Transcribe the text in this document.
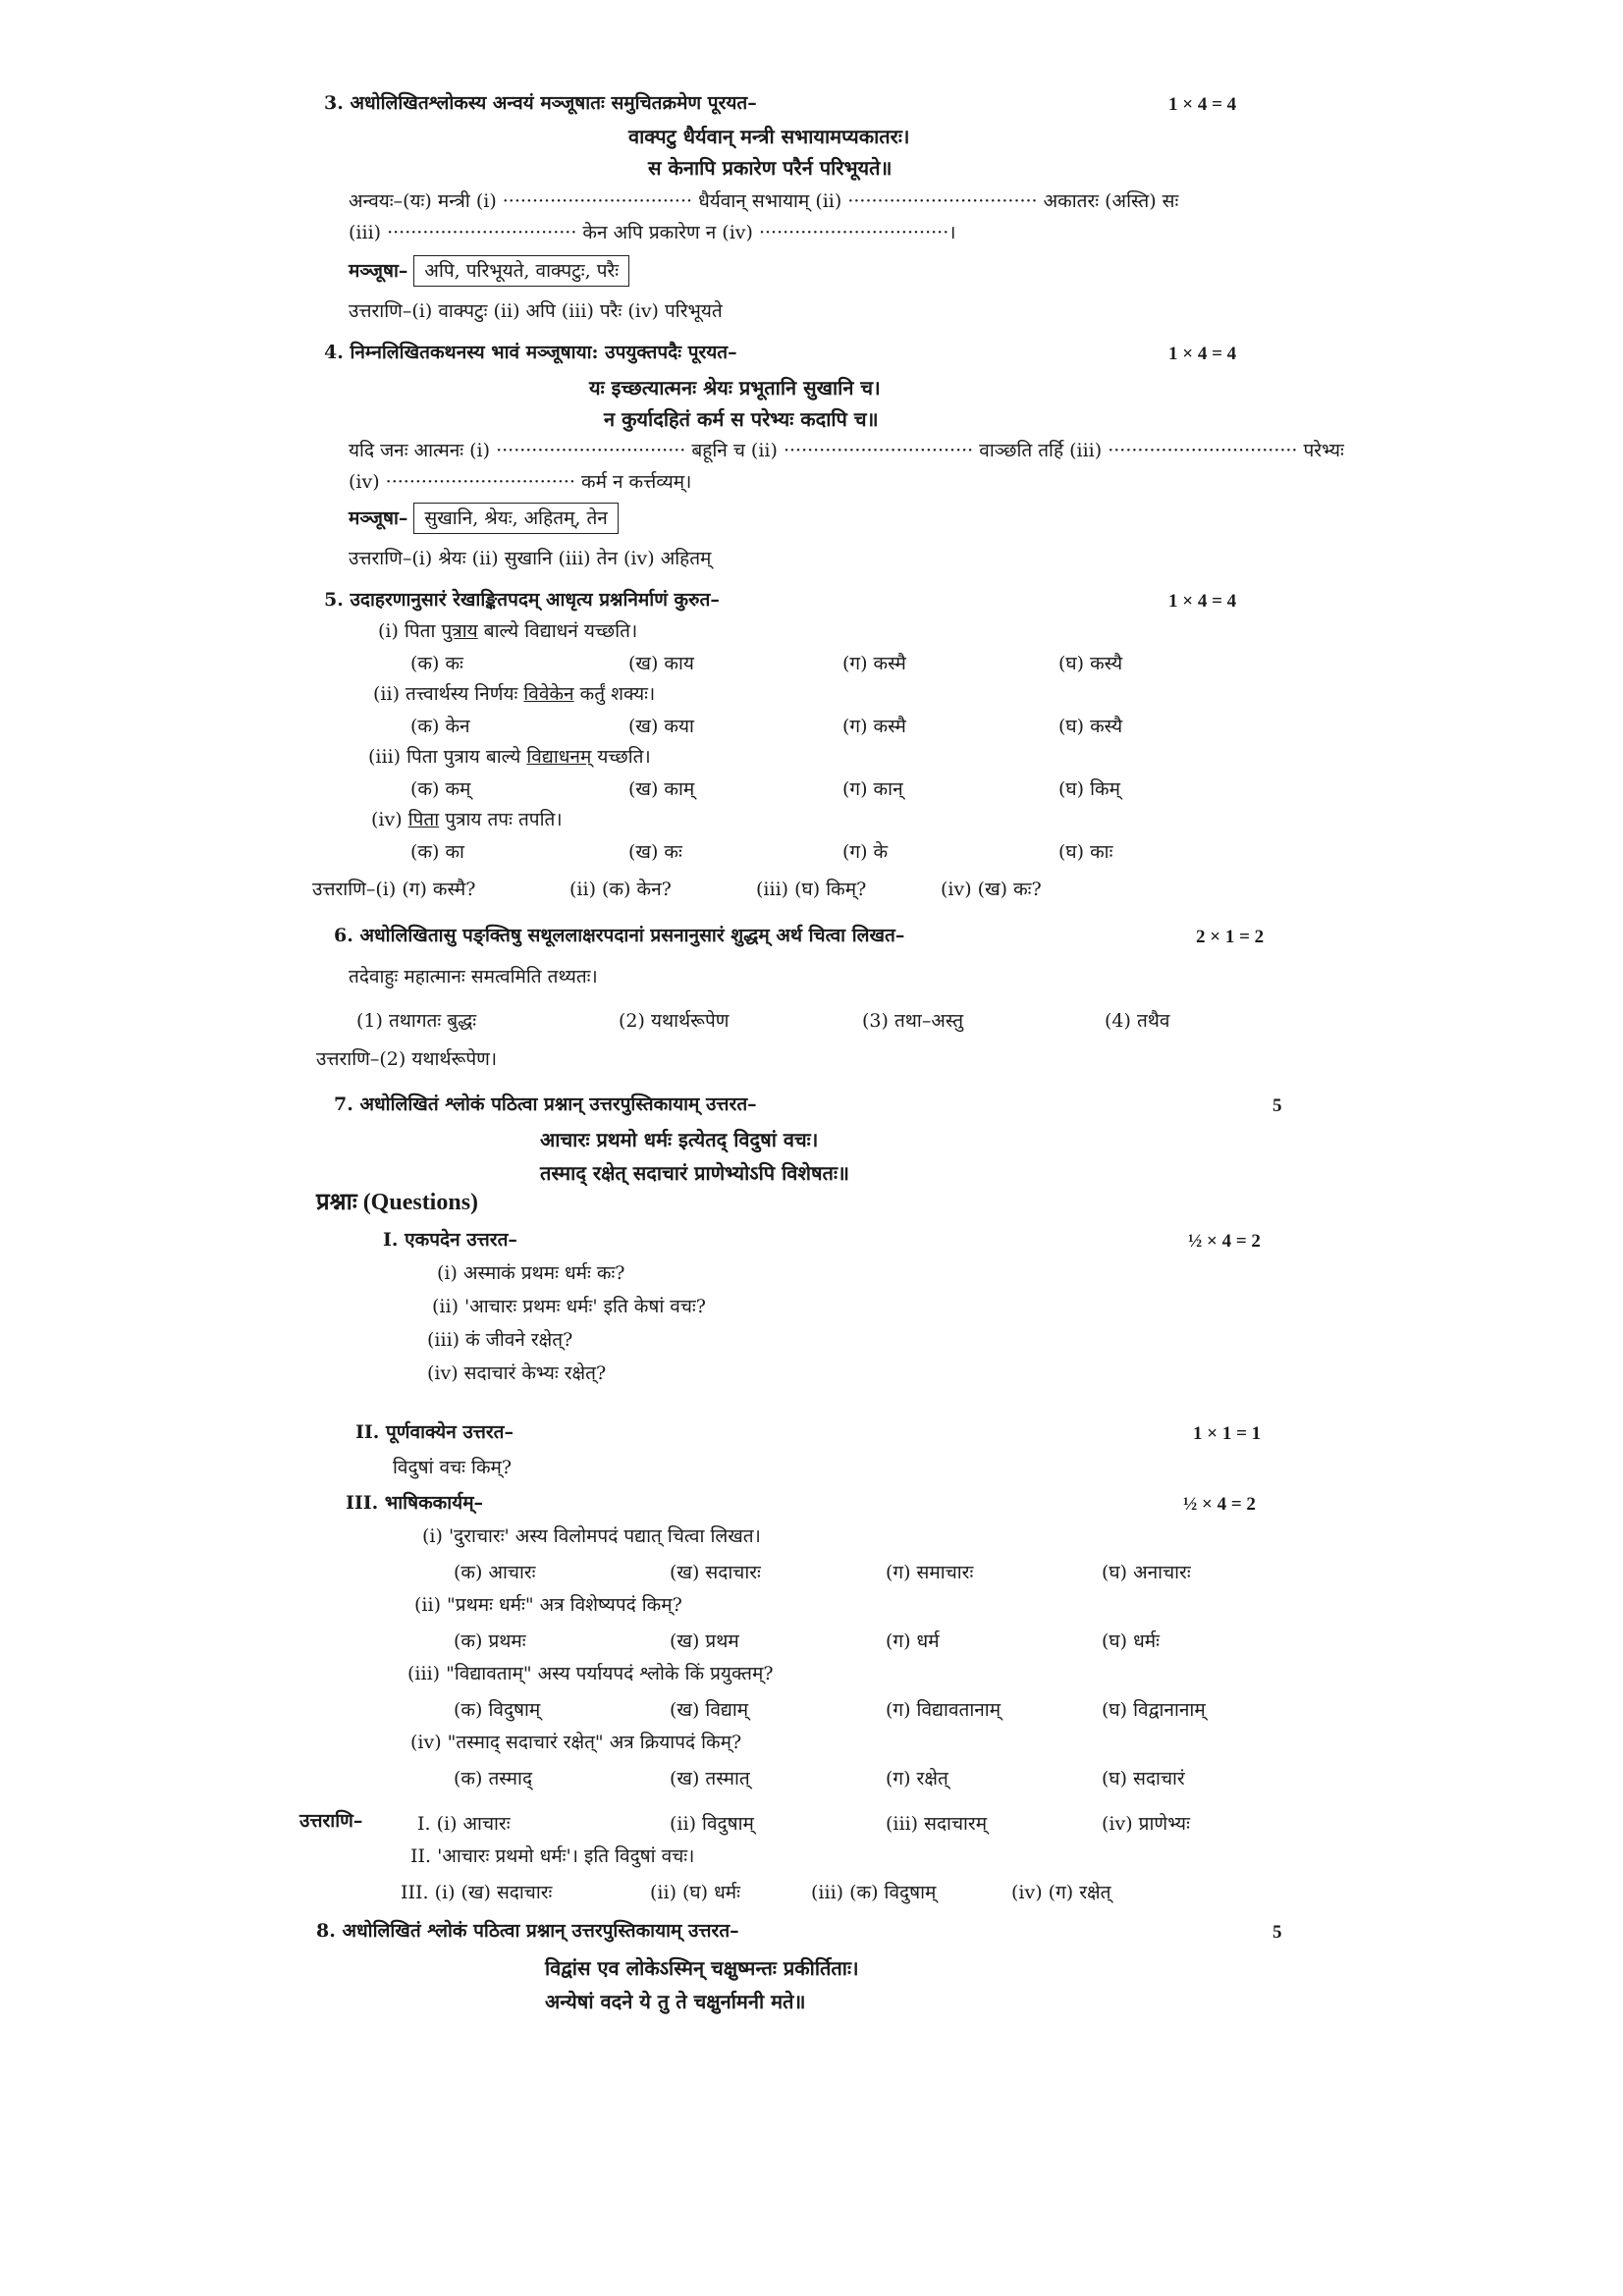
3. अधोलिखितश्लोकस्य अन्वयं मञ्जूषातः समुचितक्रमेण पूरयत–	1 × 4 = 4
वाक्पटु धैर्यवान् मन्त्री सभायामप्यकातरः।
स केनापि प्रकारेण परैर्न परिभूयते॥
अन्वयः–(यः) मन्त्री (i) ································ धैर्यवान् सभायाम् (ii) ································ अकातरः (अस्ति) सः
(iii) ································ केन अपि प्रकारेण न (iv) ································।
मञ्जूषा– अपि, परिभूयते, वाक्पटुः, परैः
उत्तराणि–(i) वाक्पटुः (ii) अपि (iii) परैः (iv) परिभूयते
4. निम्नलिखितकथनस्य भावं मञ्जूषाया: उपयुक्तपदैः पूरयत–	1 × 4 = 4
यः इच्छत्यात्मनः श्रेयः प्रभूतानि सुखानि च।
न कुर्यादहितं कर्म स परेभ्यः कदापि च॥
यदि जनः आत्मनः (i) ································ बहूनि च (ii) ································ वाञ्छति तर्हि (iii) ································ परेभ्यः
(iv) ································ कर्म न कर्त्तव्यम्।
मञ्जूषा– सुखानि, श्रेयः, अहितम्, तेन
उत्तराणि–(i) श्रेयः (ii) सुखानि (iii) तेन (iv) अहितम्
5. उदाहरणानुसारं रेखाङ्कितपदम् आधृत्य प्रश्ननिर्माणं कुरुत–	1 × 4 = 4
(i) पिता पुत्राय बाल्ये विद्याधनं यच्छति।
(क) कः	(ख) काय	(ग) कस्मै	(घ) कस्यै
(ii) तत्त्वार्थस्य निर्णयः विवेकेन कर्तुं शक्यः।
(क) केन	(ख) कया	(ग) कस्मै	(घ) कस्यै
(iii) पिता पुत्राय बाल्ये विद्याधनम् यच्छति।
(क) कम्	(ख) काम्	(ग) कान्	(घ) किम्
(iv) पिता पुत्राय तपः तपति।
(क) का	(ख) कः	(ग) के	(घ) काः
उत्तराणि–(i) (ग) कस्मै?	(ii) (क) केन?	(iii) (घ) किम्?	(iv) (ख) कः?
6. अधोलिखितासु पङ्क्तिषु सथूललाक्षरपदानां प्रसनानुसारं शुद्धम् अर्थ चित्वा लिखत–	2 × 1 = 2
तदेवाहुः महात्मानः समत्वमिति तथ्यतः।
(1) तथागतः बुद्धः	(2) यथार्थरूपेण	(3) तथा–अस्तु	(4) तथैव
उत्तराणि–(2) यथार्थरूपेण।
7. अधोलिखितं श्लोकं पठित्वा प्रश्नान् उत्तरपुस्तिकायाम् उत्तरत–	5
आचारः प्रथमो धर्मः इत्येतद् विदुषां वचः।
तस्माद् रक्षेत् सदाचारं प्राणेभ्योऽपि विशेषतः॥
प्रश्नाः (Questions)
I. एकपदेन उत्तरत–	½ × 4 = 2
(i) अस्माकं प्रथमः धर्मः कः?
(ii) 'आचारः प्रथमः धर्मः' इति केषां वचः?
(iii) कं जीवने रक्षेत्?
(iv) सदाचारं केभ्यः रक्षेत्?
II. पूर्णवाक्येन उत्तरत–	1 × 1 = 1
विदुषां वचः किम्?
III. भाषिककार्यम्–	½ × 4 = 2
(i) 'दुराचारः' अस्य विलोमपदं पद्यात् चित्वा लिखत।
(क) आचारः	(ख) सदाचारः	(ग) समाचारः	(घ) अनाचारः
(ii) "प्रथमः धर्मः" अत्र विशेष्यपदं किम्?
(क) प्रथमः	(ख) प्रथम	(ग) धर्म	(घ) धर्मः
(iii) "विद्यावताम्" अस्य पर्यायपदं श्लोके किं प्रयुक्तम्?
(क) विदुषाम्	(ख) विद्याम्	(ग) विद्यावतानाम्	(घ) विद्वानानाम्
(iv) "तस्माद् सदाचारं रक्षेत्" अत्र क्रियापदं किम्?
(क) तस्माद्	(ख) तस्मात्	(ग) रक्षेत्	(घ) सदाचारं
उत्तराणि–	I. (i) आचारः	(ii) विदुषाम्	(iii) सदाचारम्	(iv) प्राणेभ्यः
II. 'आचारः प्रथमो धर्मः'। इति विदुषां वचः।
III. (i) (ख) सदाचारः	(ii) (घ) धर्मः	(iii) (क) विदुषाम्	(iv) (ग) रक्षेत्
8. अधोलिखितं श्लोकं पठित्वा प्रश्नान् उत्तरपुस्तिकायाम् उत्तरत–	5
विद्वांस एव लोकेऽस्मिन् चक्षुष्मन्तः प्रकीर्तिताः।
अन्येषां वदने ये तु ते चक्षुर्नामनी मते॥
